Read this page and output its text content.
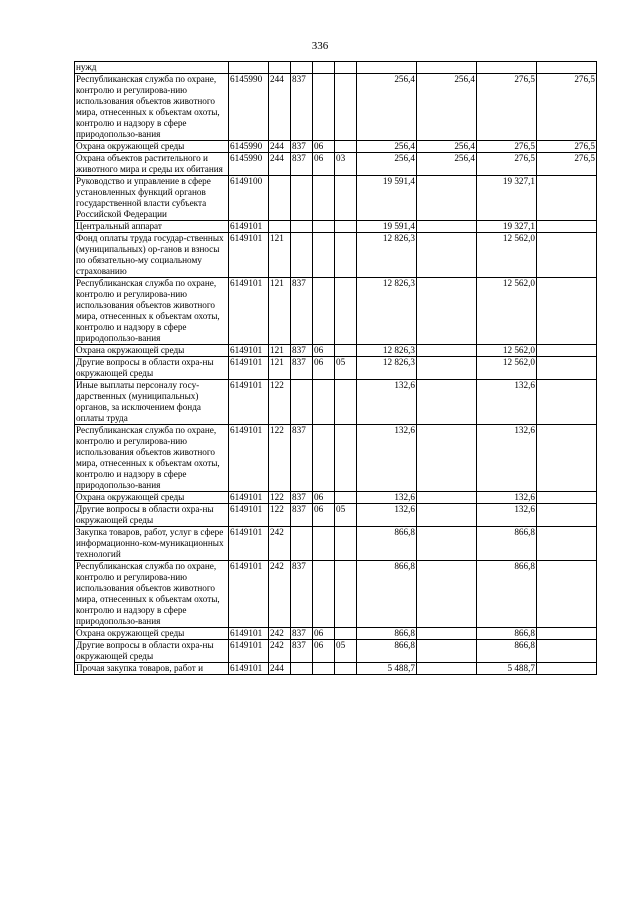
336
нужд									
Республиканская служба по охране, контролю и регулирова-нию использования объектов животного мира, отнесенных к объектам охоты, контролю и надзору в сфере природопользо-вания	6145990	244	837			256,4	256,4	276,5	276,5
Охрана окружающей среды	6145990	244	837	06		256,4	256,4	276,5	276,5
Охрана объектов растительного и животного мира и среды их обитания	6145990	244	837	06	03	256,4	256,4	276,5	276,5
Руководство и управление в сфере установленных функций органов государственной власти субъекта Российской Федерации	6149100					19 591,4		19 327,1	
Центральный аппарат	6149101					19 591,4		19 327,1	
Фонд оплаты труда государ-ственных (муниципальных) ор-ганов и взносы по обязательно-му социальному страхованию	6149101	121				12 826,3		12 562,0	
Республиканская служба по охране, контролю и регулирова-нию использования объектов животного мира, отнесенных к объектам охоты, контролю и надзору в сфере природопользо-вания	6149101	121	837			12 826,3		12 562,0	
Охрана окружающей среды	6149101	121	837	06		12 826,3		12 562,0	
Другие вопросы в области охра-ны окружающей среды	6149101	121	837	06	05	12 826,3		12 562,0	
Иные выплаты персоналу госу-дарственных (муниципальных) органов, за исключением фонда оплаты труда	6149101	122				132,6		132,6	
Республиканская служба по охране, контролю и регулирова-нию использования объектов животного мира, отнесенных к объектам охоты, контролю и надзору в сфере природопользо-вания	6149101	122	837			132,6		132,6	
Охрана окружающей среды	6149101	122	837	06		132,6		132,6	
Другие вопросы в области охра-ны окружающей среды	6149101	122	837	06	05	132,6		132,6	
Закупка товаров, работ, услуг в сфере информационно-ком-муникационных технологий	6149101	242				866,8		866,8	
Республиканская служба по охране, контролю и регулирова-нию использования объектов животного мира, отнесенных к объектам охоты, контролю и надзору в сфере природопользо-вания	6149101	242	837			866,8		866,8	
Охрана окружающей среды	6149101	242	837	06		866,8		866,8	
Другие вопросы в области охра-ны окружающей среды	6149101	242	837	06	05	866,8		866,8	
Прочая закупка товаров, работ и	6149101	244				5 488,7		5 488,7	
